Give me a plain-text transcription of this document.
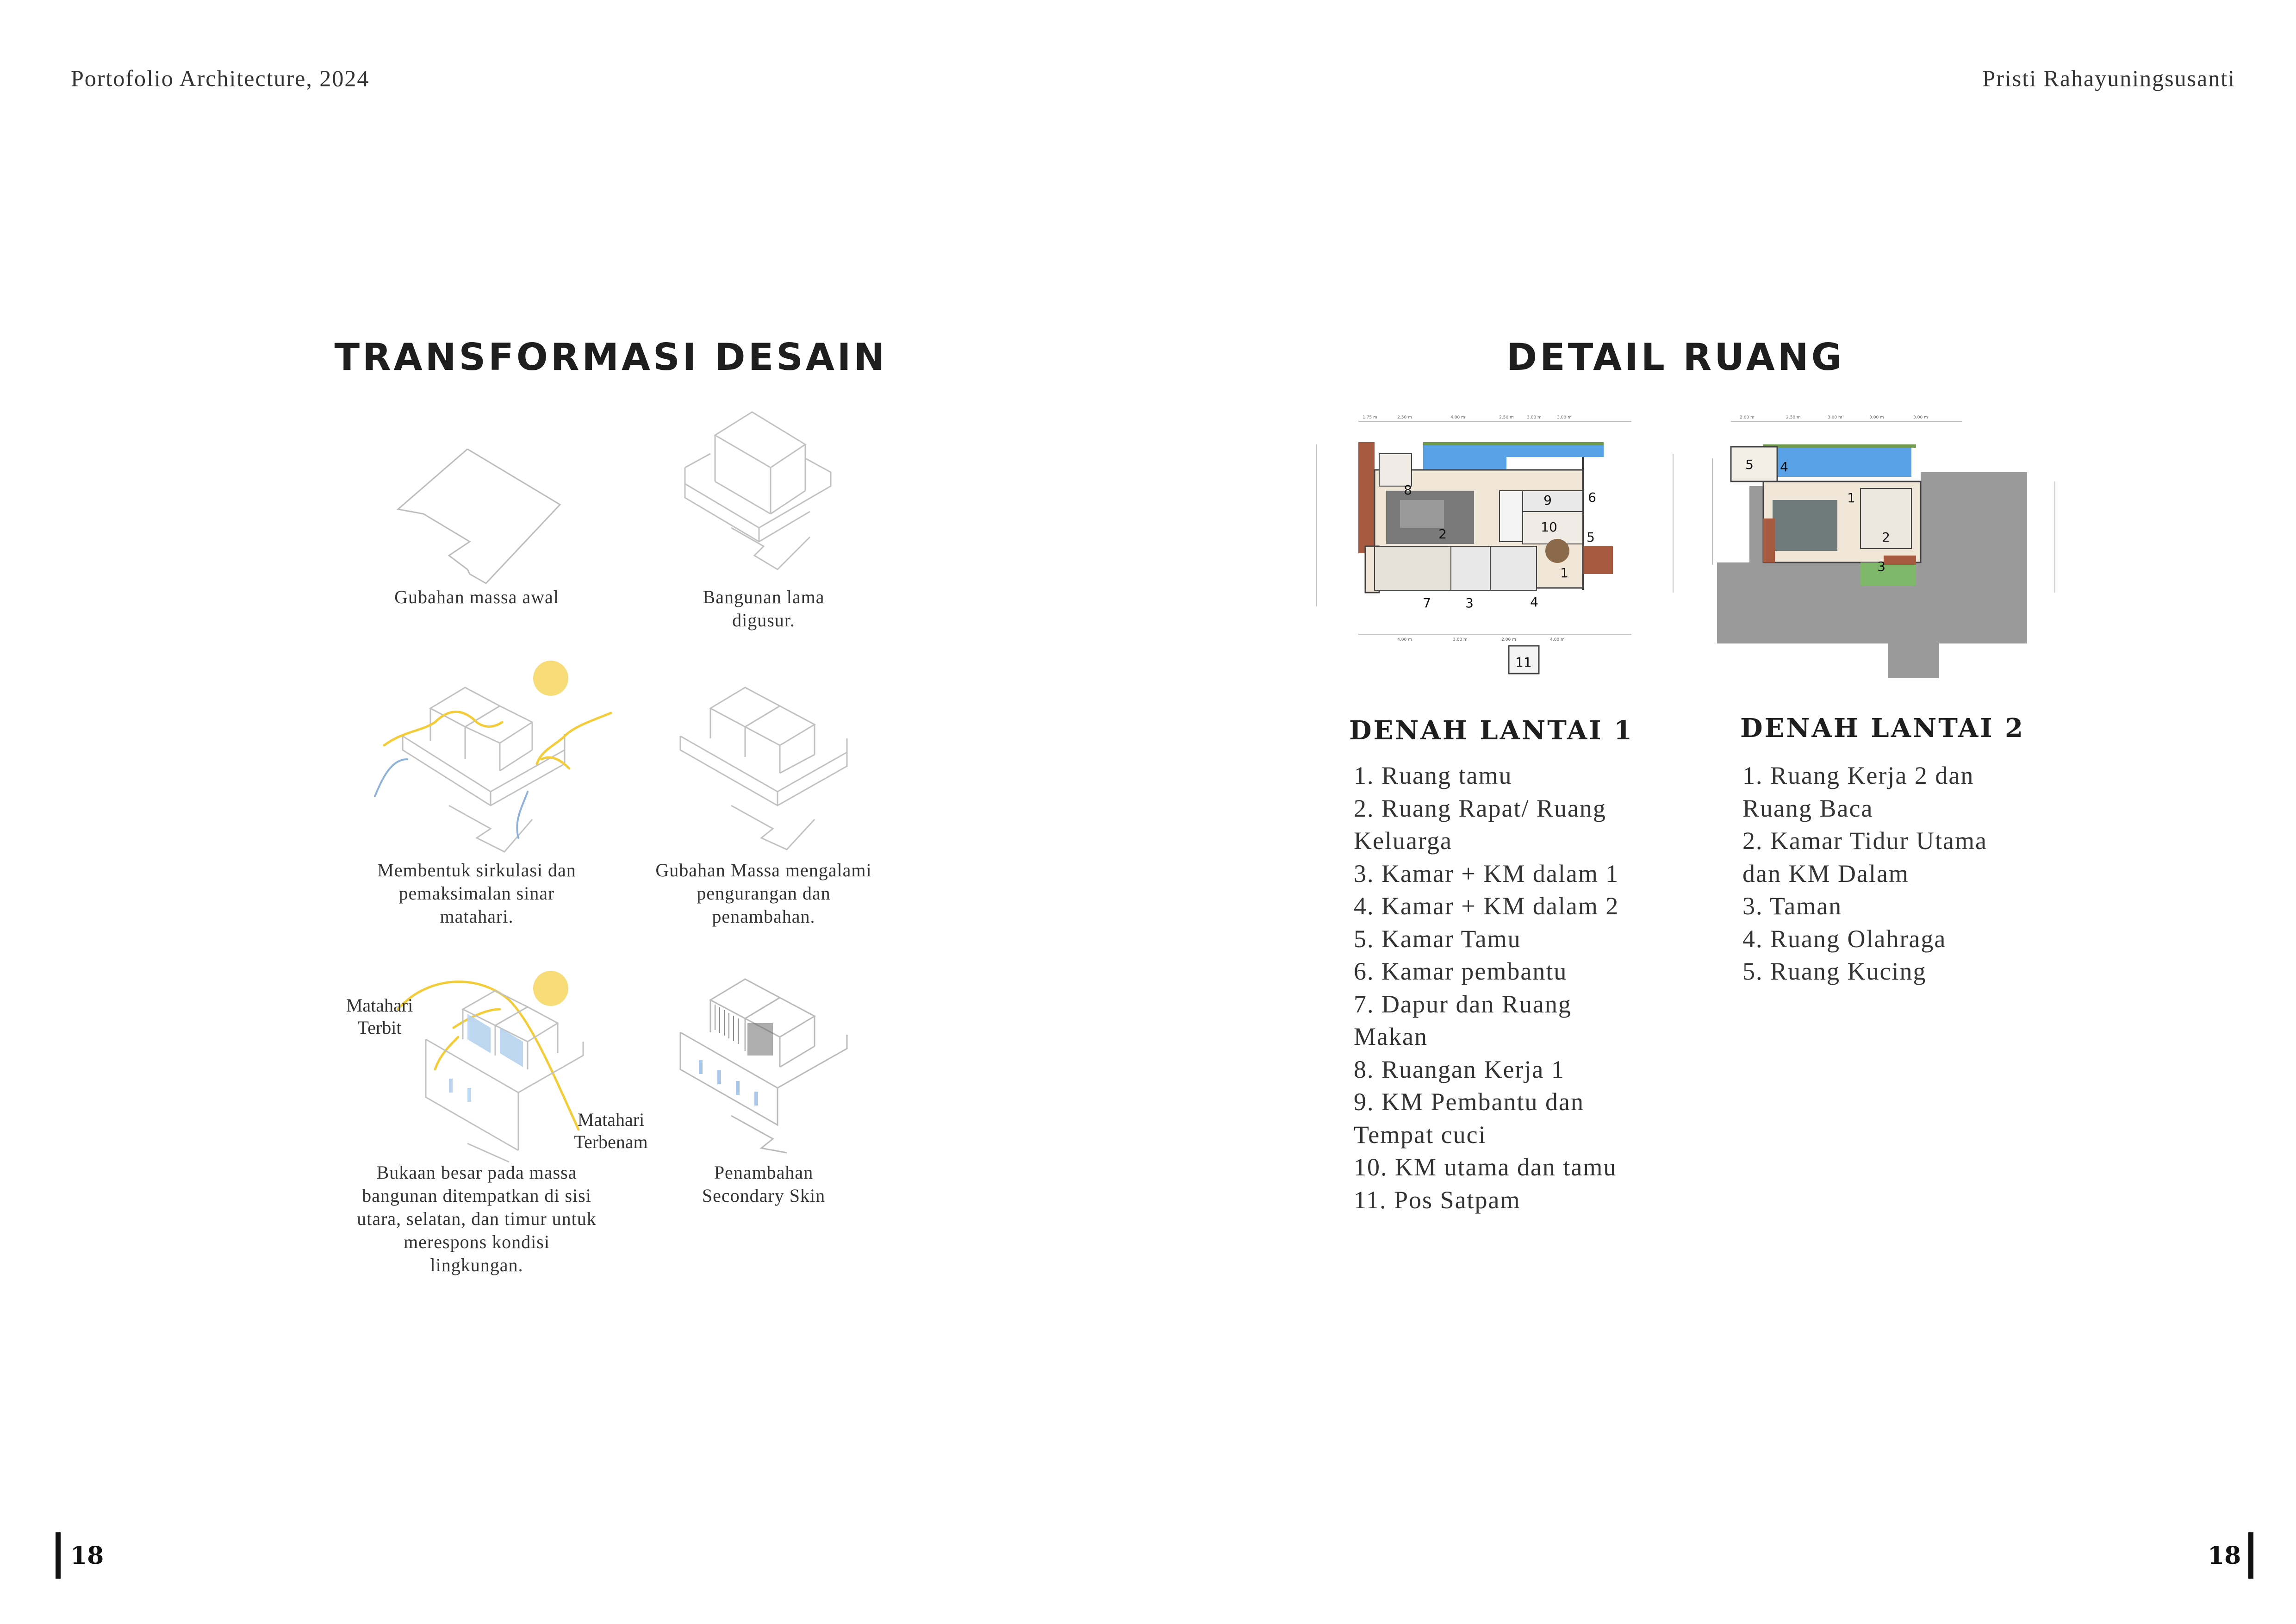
Portofolio Architecture, 2024	Pristi Rahayuningsusanti
TRANSFORMASI DESAIN
Gubahan massa awal	Bangunan lama
digusur.
Membentuk sirkulasi dan
pemaksimalan sinar
matahari.
Gubahan Massa mengalami
pengurangan dan
penambahan.
Matahari
Terbit
Matahari
Terbenam
Bukaan besar pada massa
bangunan ditempatkan di sisi
utara, selatan, dan timur untuk
merespons kondisi
lingkungan.
Penambahan
Secondary Skin
DETAIL RUANG
1.75 m	2.50 m	4.00 m	2.50 m	3.00 m	3.00 m
4.00 m	3.00 m	2.00 m	4.00 m
1
2
3	4
5
6
7
8
9
10
11
2.00 m	2.50 m	3.00 m	3.00 m	3.00 m
1
2
3
4
5
DENAH LANTAI 1	DENAH LANTAI 2
1. Ruang tamu
2. Ruang Rapat/ Ruang
Keluarga
3. Kamar + KM dalam 1
4. Kamar + KM dalam 2
5. Kamar Tamu
6. Kamar pembantu
7. Dapur dan Ruang
Makan
8. Ruangan Kerja 1
9. KM Pembantu dan
Tempat cuci
10. KM utama dan tamu
11. Pos Satpam
1. Ruang Kerja 2 dan
Ruang Baca
2. Kamar Tidur Utama
dan KM Dalam
3. Taman
4. Ruang Olahraga
5. Ruang Kucing
18	18
